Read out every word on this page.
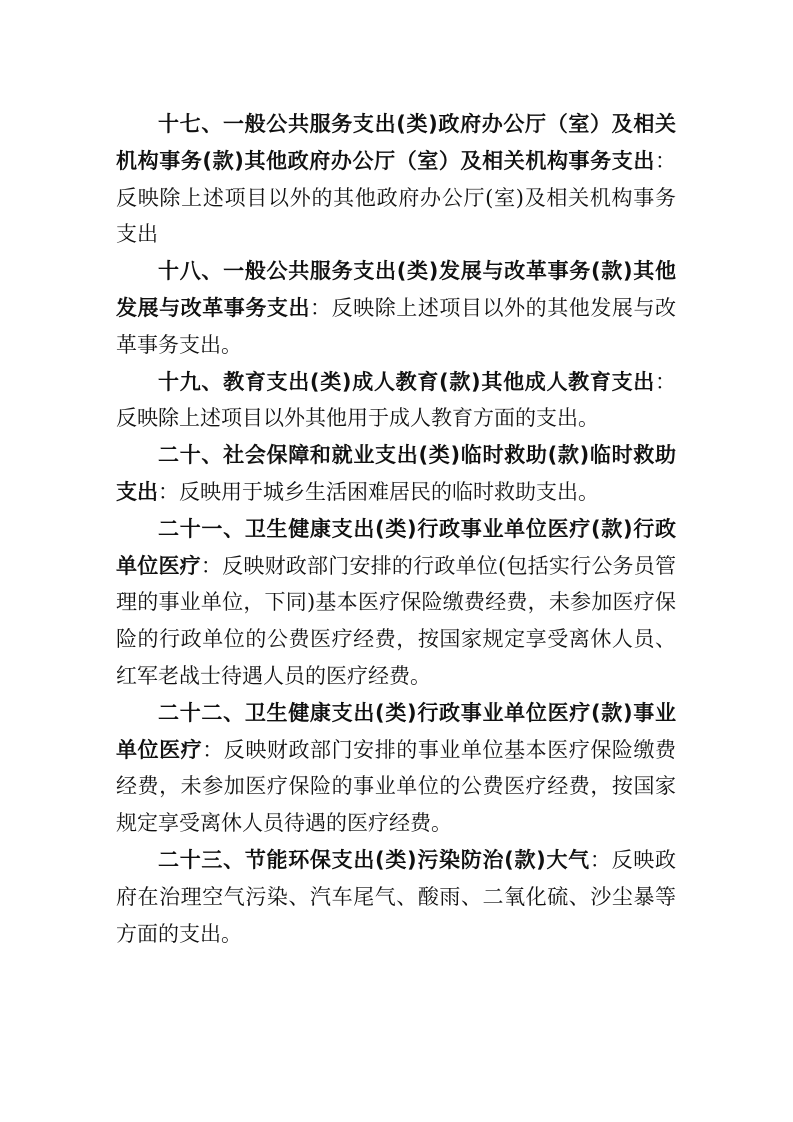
十七、一般公共服务支出(类)政府办公厅（室）及相关机构事务(款)其他政府办公厅（室）及相关机构事务支出：反映除上述项目以外的其他政府办公厅(室)及相关机构事务支出

十八、一般公共服务支出(类)发展与改革事务(款)其他发展与改革事务支出：反映除上述项目以外的其他发展与改革事务支出。

十九、教育支出(类)成人教育(款)其他成人教育支出：反映除上述项目以外其他用于成人教育方面的支出。

二十、社会保障和就业支出(类)临时救助(款)临时救助支出：反映用于城乡生活困难居民的临时救助支出。

二十一、卫生健康支出(类)行政事业单位医疗(款)行政单位医疗：反映财政部门安排的行政单位(包括实行公务员管理的事业单位，下同)基本医疗保险缴费经费，未参加医疗保险的行政单位的公费医疗经费，按国家规定享受离休人员、红军老战士待遇人员的医疗经费。

二十二、卫生健康支出(类)行政事业单位医疗(款)事业单位医疗：反映财政部门安排的事业单位基本医疗保险缴费经费，未参加医疗保险的事业单位的公费医疗经费，按国家规定享受离休人员待遇的医疗经费。

二十三、节能环保支出(类)污染防治(款)大气：反映政府在治理空气污染、汽车尾气、酸雨、二氧化硫、沙尘暴等方面的支出。
